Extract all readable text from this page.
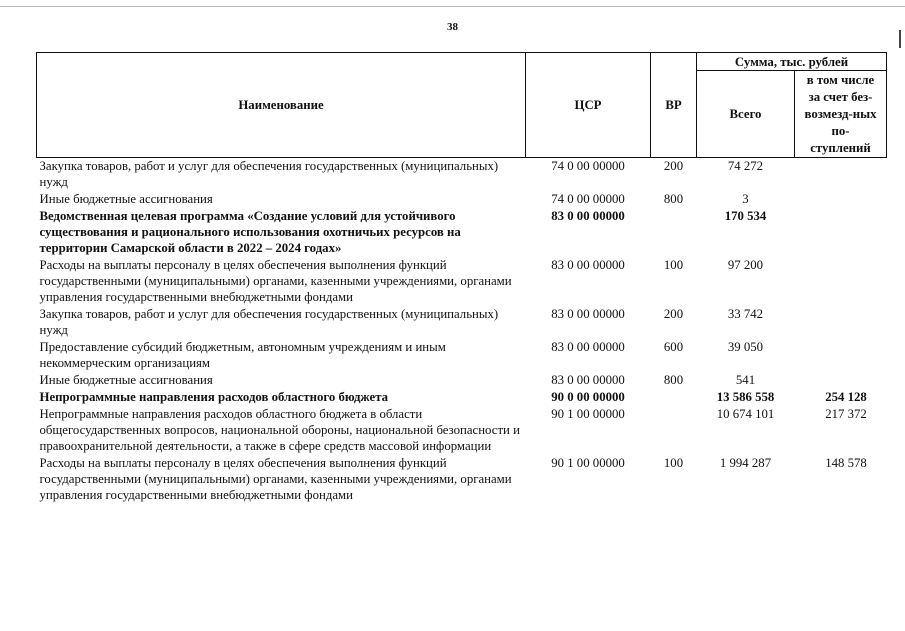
38
Наименование	ЦСР	ВР	Сумма, тыс. рублей	
			Всего	в том числе за счет без-возмезд-ных по-ступлений

Закупка товаров, работ и услуг для обеспечения государственных (муниципальных) нужд	74 0 00 00000	200	74 272	
Иные бюджетные ассигнования	74 0 00 00000	800	3	
Ведомственная целевая программа «Создание условий для устойчивого существования и рационального использования охотничьих ресурсов на территории Самарской области в 2022 – 2024 годах»	83 0 00 00000		170 534	
Расходы на выплаты персоналу в целях обеспечения выполнения функций государственными (муниципальными) органами, казенными учреждениями, органами управления государственными внебюджетными фондами	83 0 00 00000	100	97 200	
Закупка товаров, работ и услуг для обеспечения государственных (муниципальных) нужд	83 0 00 00000	200	33 742	
Предоставление субсидий бюджетным, автономным учреждениям и иным некоммерческим организациям	83 0 00 00000	600	39 050	
Иные бюджетные ассигнования	83 0 00 00000	800	541	
Непрограммные направления расходов областного бюджета	90 0 00 00000		13 586 558	254 128
Непрограммные направления расходов областного бюджета в области общегосударственных вопросов, национальной обороны, национальной безопасности и правоохранительной деятельности, а также в сфере средств массовой информации	90 1 00 00000		10 674 101	217 372
Расходы на выплаты персоналу в целях обеспечения выполнения функций государственными (муниципальными) органами, казенными учреждениями, органами управления государственными внебюджетными фондами	90 1 00 00000	100	1 994 287	148 578
